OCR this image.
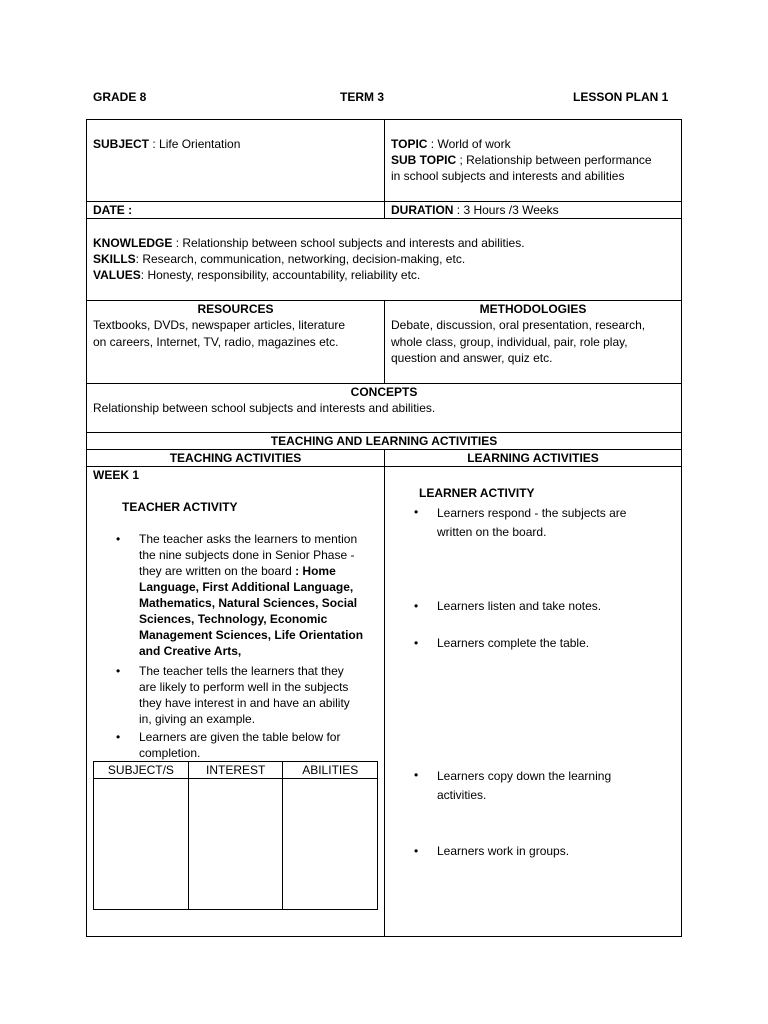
GRADE 8	TERM 3	LESSON PLAN 1
SUBJECT : Life Orientation	TOPIC : World of work
SUB TOPIC ; Relationship between performance
in school subjects and interests and abilities
DATE :	DURATION : 3 Hours /3 Weeks
KNOWLEDGE : Relationship between school subjects and interests and abilities.
SKILLS: Research, communication, networking, decision-making, etc.
VALUES: Honesty, responsibility, accountability, reliability etc.
RESOURCES
Textbooks, DVDs, newspaper articles, literature
on careers, Internet, TV, radio, magazines etc.
METHODOLOGIES
Debate, discussion, oral presentation, research,
whole class, group, individual, pair, role play,
question and answer, quiz etc.
CONCEPTS
Relationship between school subjects and interests and abilities.
TEACHING AND LEARNING ACTIVITIES
TEACHING ACTIVITIES	LEARNING ACTIVITIES
WEEK 1
TEACHER ACTIVITY
• The teacher asks the learners to mention
the nine subjects done in Senior Phase -
they are written on the board : Home
Language, First Additional Language,
Mathematics, Natural Sciences, Social
Sciences, Technology, Economic
Management Sciences, Life Orientation
and Creative Arts,
• The teacher tells the learners that they
are likely to perform well in the subjects
they have interest in and have an ability
in, giving an example.
• Learners are given the table below for
completion.
SUBJECT/S	INTEREST	ABILITIES

LEARNER ACTIVITY
• Learners respond - the subjects are
written on the board.
• Learners listen and take notes.
• Learners complete the table.
• Learners copy down the learning
activities.
• Learners work in groups.
